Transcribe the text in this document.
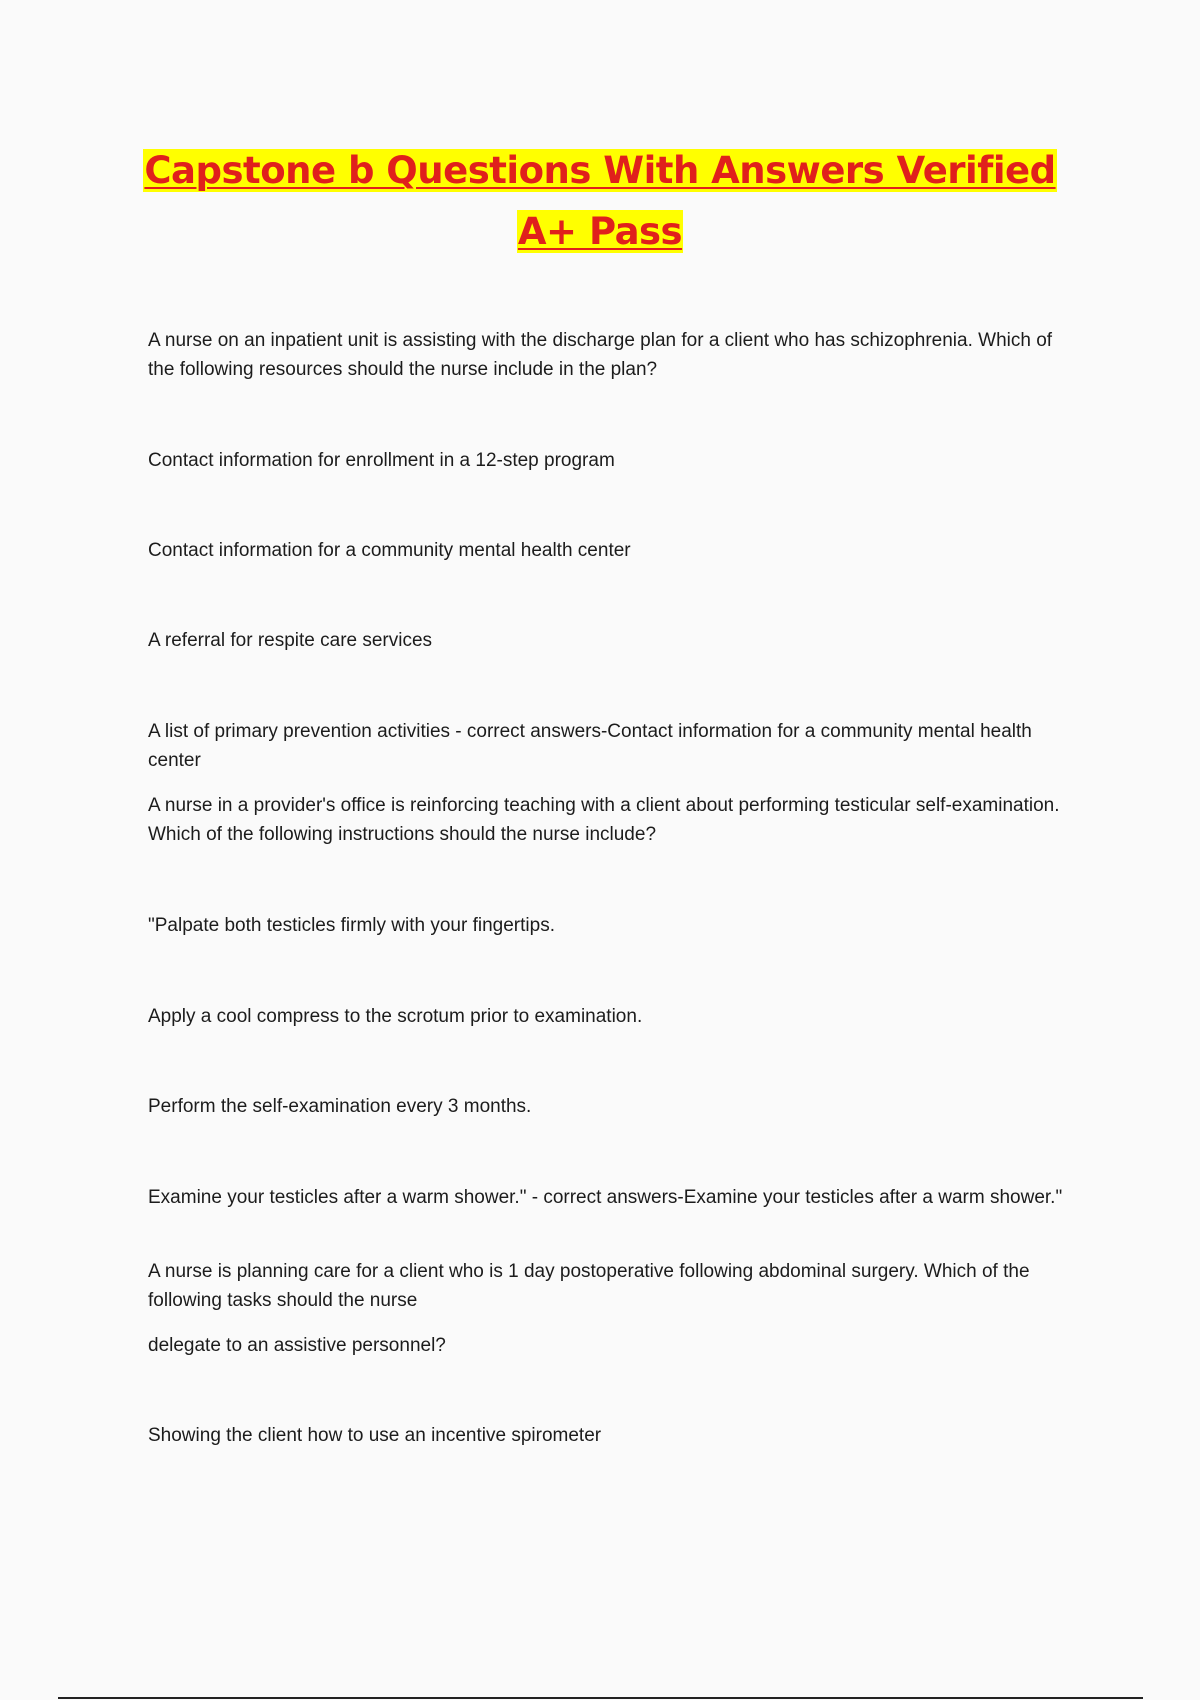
Capstone b Questions With Answers Verified A+ Pass

A nurse on an inpatient unit is assisting with the discharge plan for a client who has schizophrenia. Which of the following resources should the nurse include in the plan?

Contact information for enrollment in a 12-step program

Contact information for a community mental health center

A referral for respite care services

A list of primary prevention activities - correct answers-Contact information for a community mental health center

A nurse in a provider's office is reinforcing teaching with a client about performing testicular self-examination. Which of the following instructions should the nurse include?

"Palpate both testicles firmly with your fingertips.

Apply a cool compress to the scrotum prior to examination.

Perform the self-examination every 3 months.

Examine your testicles after a warm shower." - correct answers-Examine your testicles after a warm shower."

A nurse is planning care for a client who is 1 day postoperative following abdominal surgery. Which of the following tasks should the nurse

delegate to an assistive personnel?

Showing the client how to use an incentive spirometer
